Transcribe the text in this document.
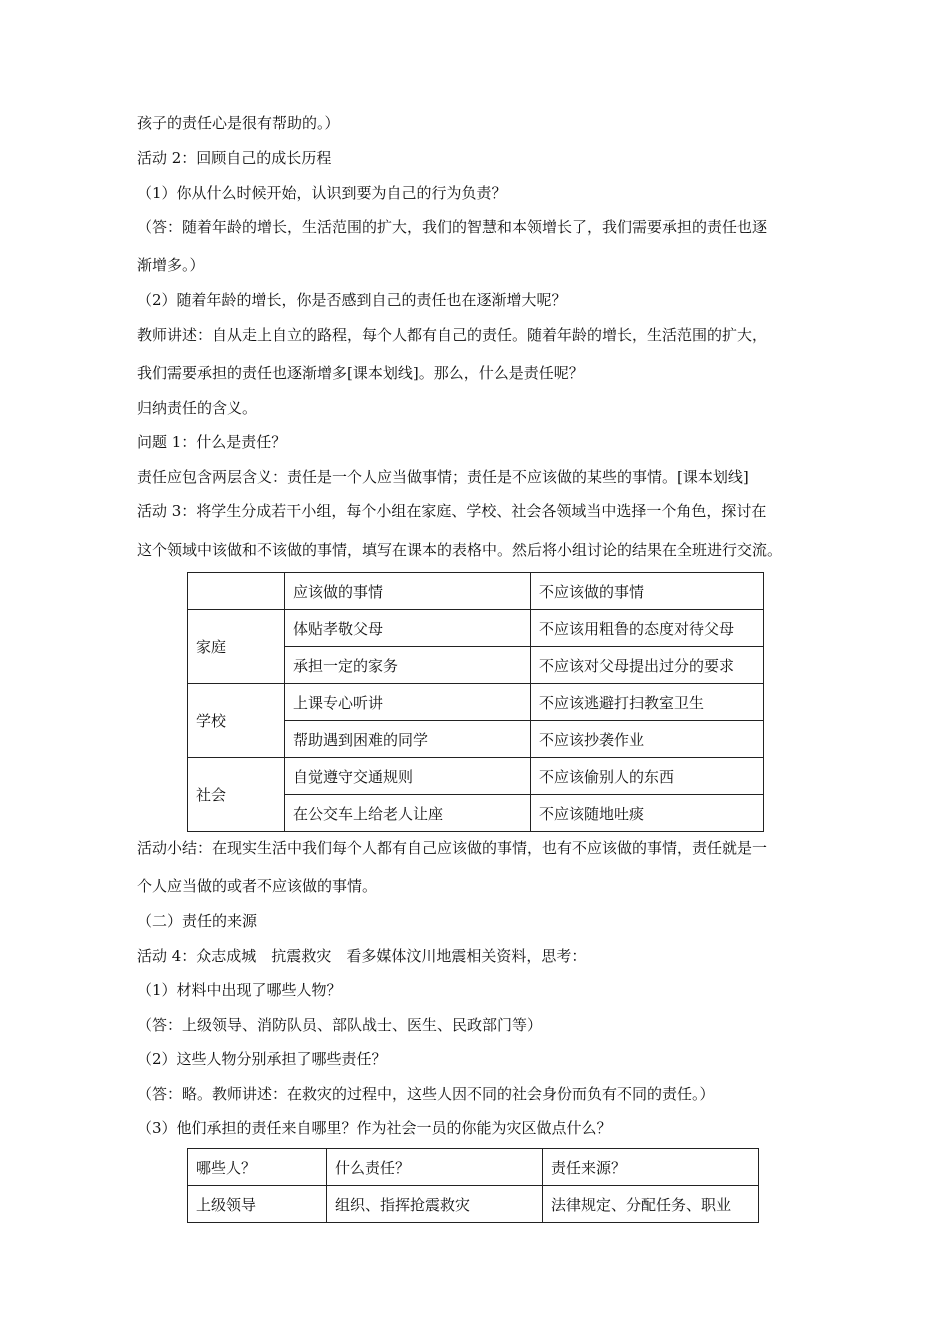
孩子的责任心是很有帮助的。）
活动 2：回顾自己的成长历程
（1）你从什么时候开始，认识到要为自己的行为负责？
（答：随着年龄的增长，生活范围的扩大，我们的智慧和本领增长了，我们需要承担的责任也逐
渐增多。）
（2）随着年龄的增长，你是否感到自己的责任也在逐渐增大呢？
教师讲述：自从走上自立的路程，每个人都有自己的责任。随着年龄的增长，生活范围的扩大，
我们需要承担的责任也逐渐增多[课本划线]。那么，什么是责任呢？
归纳责任的含义。
问题 1：什么是责任？
责任应包含两层含义：责任是一个人应当做事情；责任是不应该做的某些的事情。[课本划线]
活动 3：将学生分成若干小组，每个小组在家庭、学校、社会各领域当中选择一个角色，探讨在
这个领域中该做和不该做的事情，填写在课本的表格中。然后将小组讨论的结果在全班进行交流。
	应该做的事情	不应该做的事情
家庭	体贴孝敬父母	不应该用粗鲁的态度对待父母
	承担一定的家务	不应该对父母提出过分的要求
学校	上课专心听讲	不应该逃避打扫教室卫生
	帮助遇到困难的同学	不应该抄袭作业
社会	自觉遵守交通规则	不应该偷别人的东西
	在公交车上给老人让座	不应该随地吐痰
活动小结：在现实生活中我们每个人都有自己应该做的事情，也有不应该做的事情，责任就是一
个人应当做的或者不应该做的事情。
（二）责任的来源
活动 4：众志成城　抗震救灾　看多媒体汶川地震相关资料，思考：
（1）材料中出现了哪些人物？
（答：上级领导、消防队员、部队战士、医生、民政部门等）
（2）这些人物分别承担了哪些责任？
（答：略。教师讲述：在救灾的过程中，这些人因不同的社会身份而负有不同的责任。）
（3）他们承担的责任来自哪里？作为社会一员的你能为灾区做点什么？
哪些人？	什么责任？	责任来源？
上级领导	组织、指挥抢震救灾	法律规定、分配任务、职业
